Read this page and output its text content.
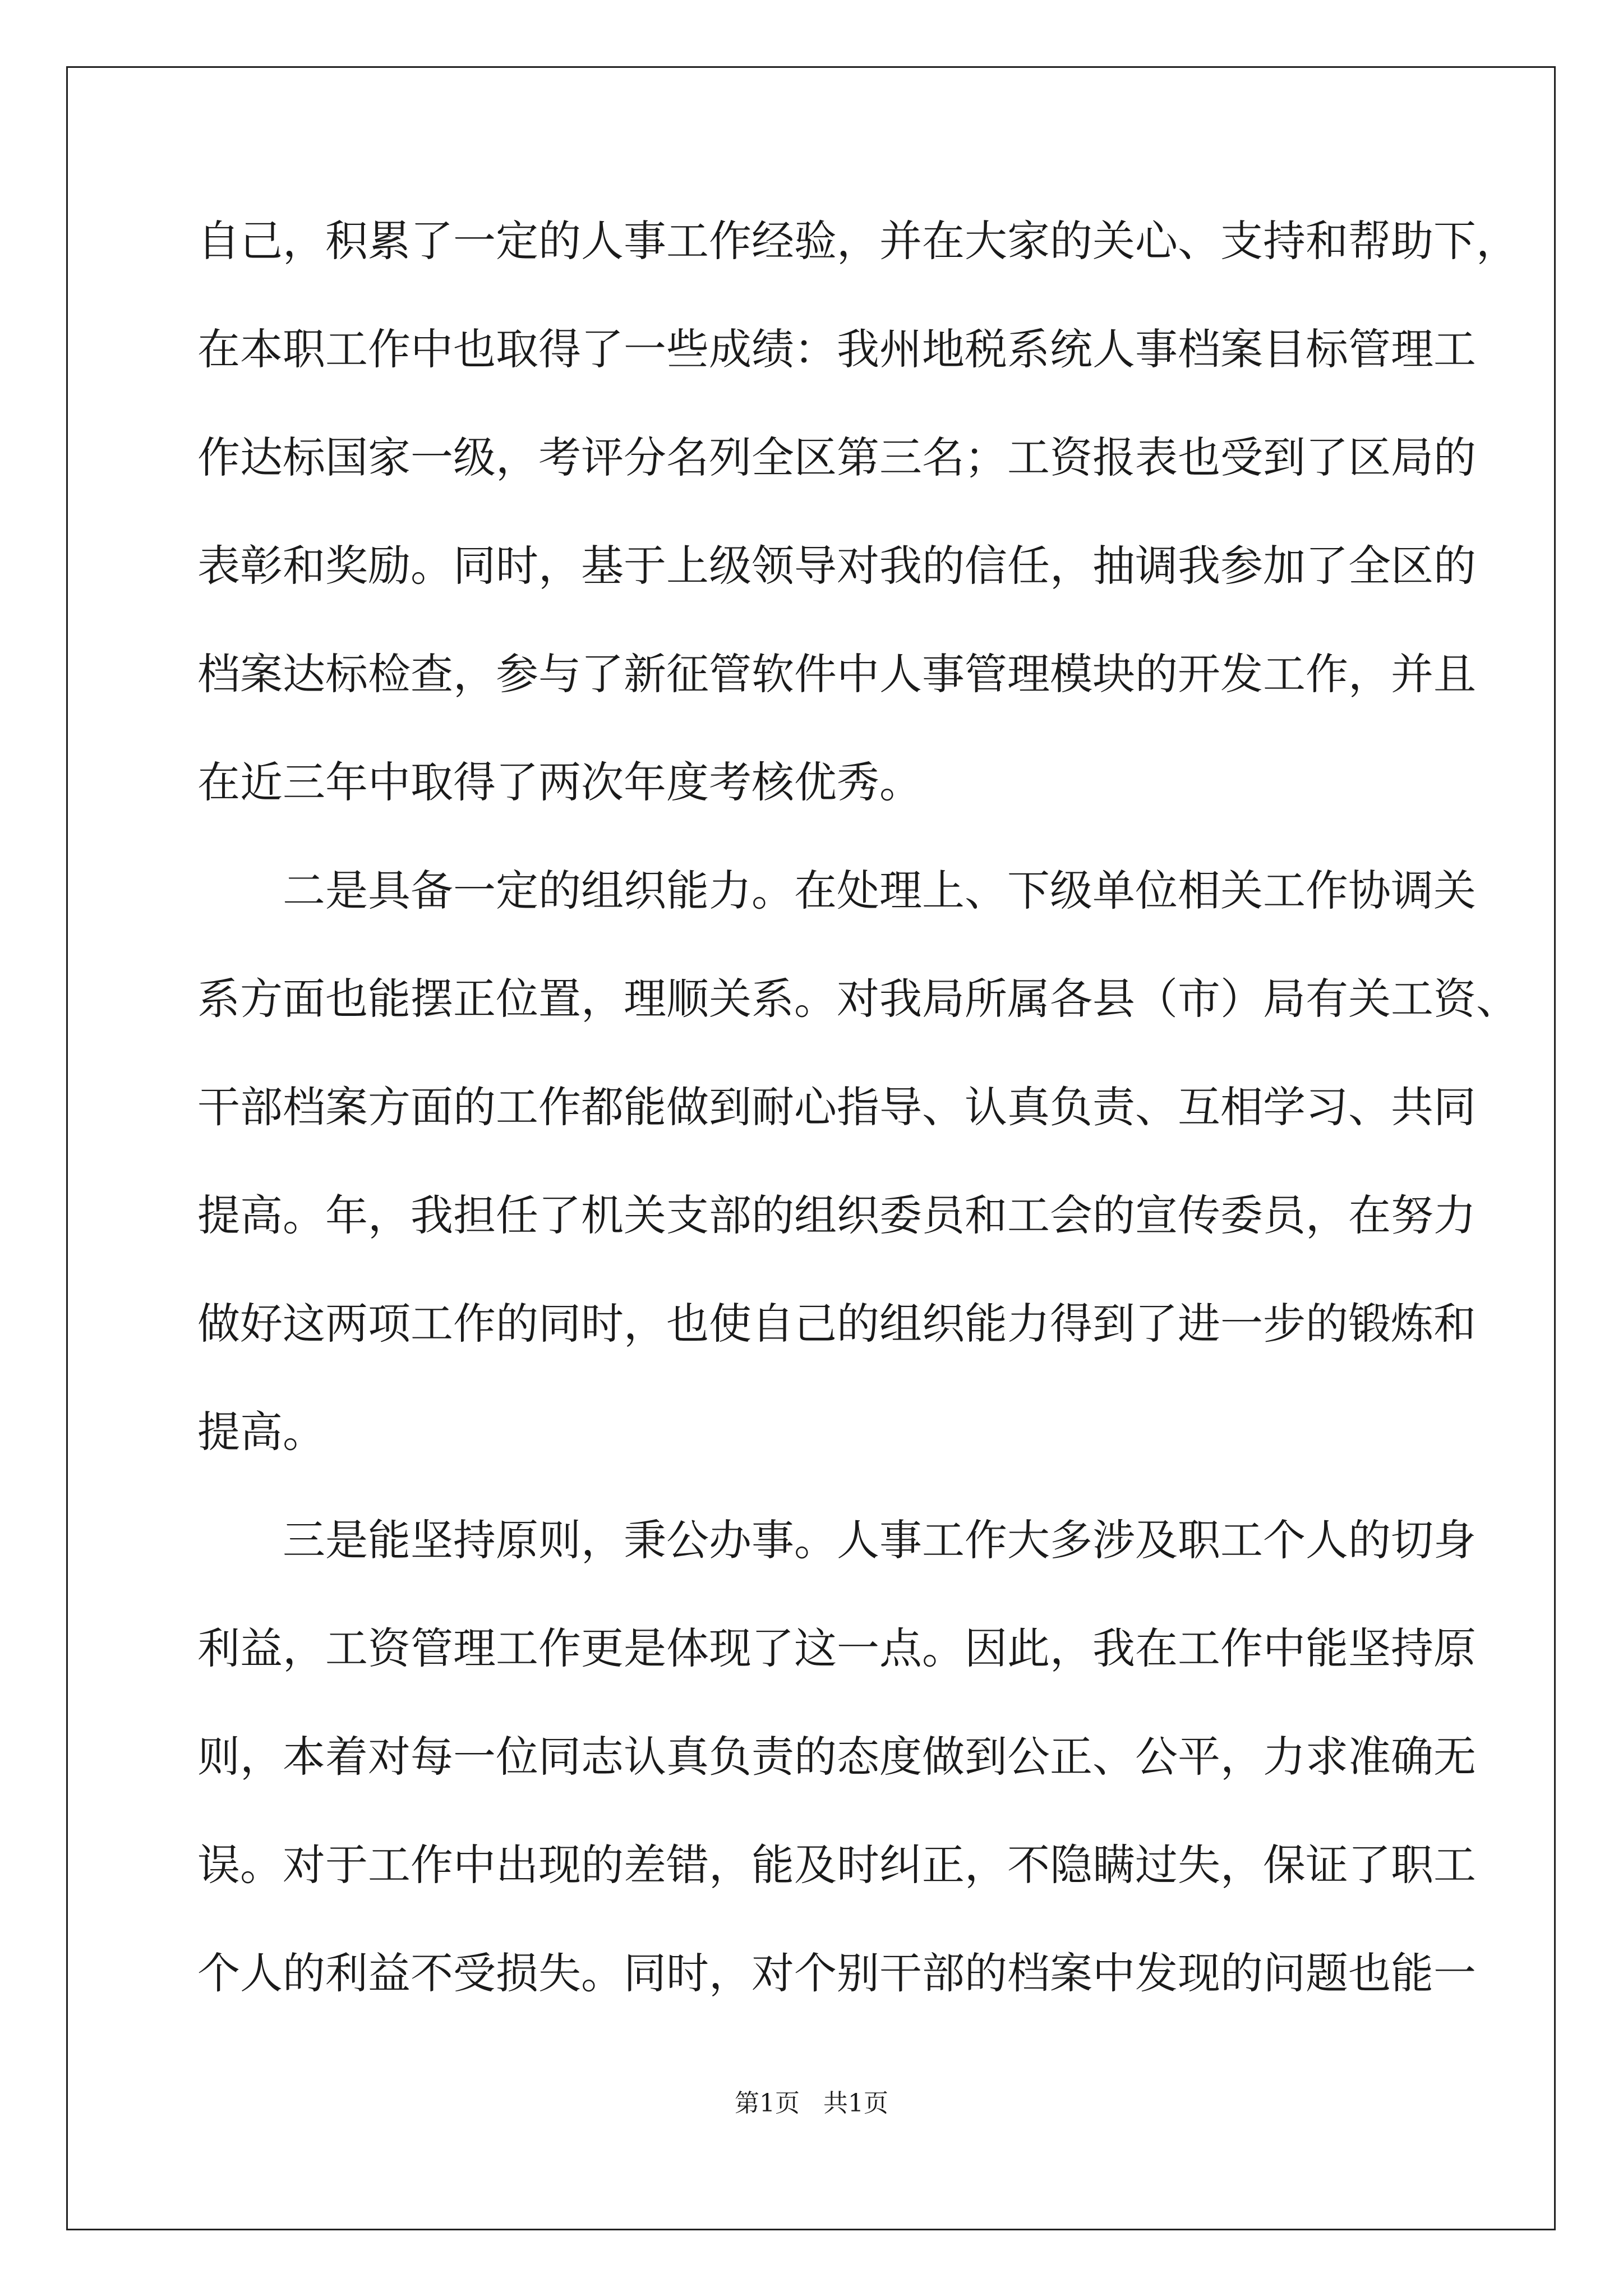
自己，积累了一定的人事工作经验，并在大家的关心、支持和帮助下，
在本职工作中也取得了一些成绩：我州地税系统人事档案目标管理工
作达标国家一级，考评分名列全区第三名；工资报表也受到了区局的
表彰和奖励。同时，基于上级领导对我的信任，抽调我参加了全区的
档案达标检查，参与了新征管软件中人事管理模块的开发工作，并且
在近三年中取得了两次年度考核优秀。
二是具备一定的组织能力。在处理上、下级单位相关工作协调关
系方面也能摆正位置，理顺关系。对我局所属各县（市）局有关工资、
干部档案方面的工作都能做到耐心指导、认真负责、互相学习、共同
提高。年，我担任了机关支部的组织委员和工会的宣传委员，在努力
做好这两项工作的同时，也使自己的组织能力得到了进一步的锻炼和
提高。
三是能坚持原则，秉公办事。人事工作大多涉及职工个人的切身
利益，工资管理工作更是体现了这一点。因此，我在工作中能坚持原
则，本着对每一位同志认真负责的态度做到公正、公平，力求准确无
误。对于工作中出现的差错，能及时纠正，不隐瞒过失，保证了职工
个人的利益不受损失。同时，对个别干部的档案中发现的问题也能一
第1页 共1页
